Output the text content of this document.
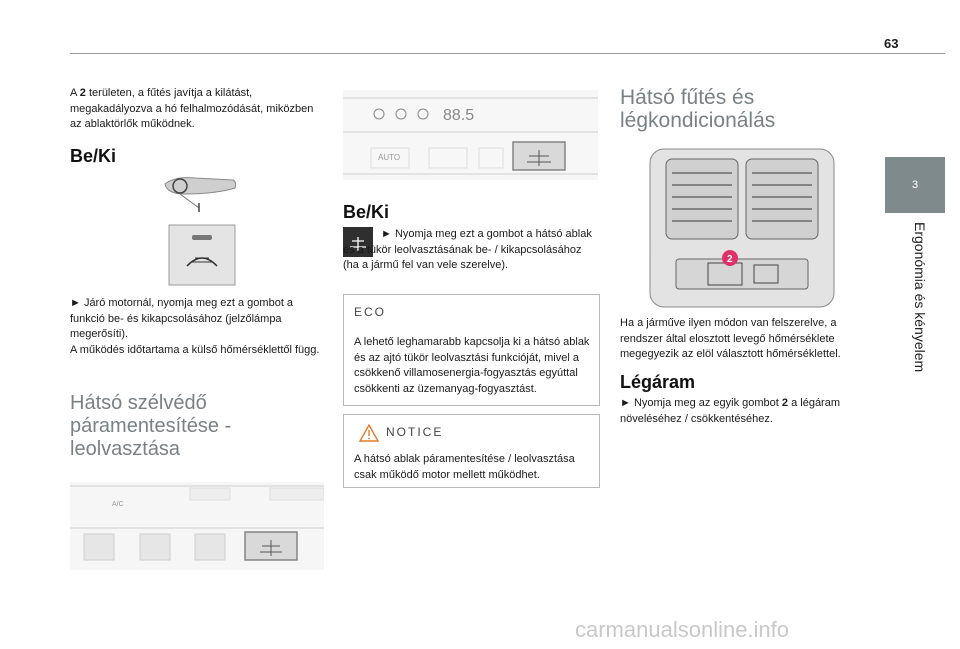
63
3
Ergonómia és kényelem

A 2 területen, a fűtés javítja a kilátást, megakadályozva a hó felhalmozódását, miközben az ablaktörlők működnek.

Be/Ki

► Járó motornál, nyomja meg ezt a gombot a funkció be- és kikapcsolásához (jelzőlámpa megerősíti).

A működés időtartama a külső hőmérséklettől függ.

Hátsó szélvédő páramentesítése - leolvasztása
A/C
88.5
AUTO
Be/Ki

► Nyomja meg ezt a gombot a hátsó ablak és a tükör leolvasztásának be- / kikapcsolásához (ha a jármű fel van vele szerelve).

ECO

A lehető leghamarabb kapcsolja ki a hátsó ablak és az ajtó tükör leolvasztási funkcióját, mivel a csökkenő villamosenergia-fogyasztás egyúttal csökkenti az üzemanyag-fogyasztást.

NOTICE

A hátsó ablak páramentesítése / leolvasztása csak működő motor mellett működhet.

Hátsó fűtés és légkondicionálás
2

Ha a járműve ilyen módon van felszerelve, a rendszer által elosztott levegő hőmérséklete megegyezik az elöl választott hőmérséklettel.

Légáram

► Nyomja meg az egyik gombot 2 a légáram növeléséhez / csökkentéséhez.

carmanualsonline.info
